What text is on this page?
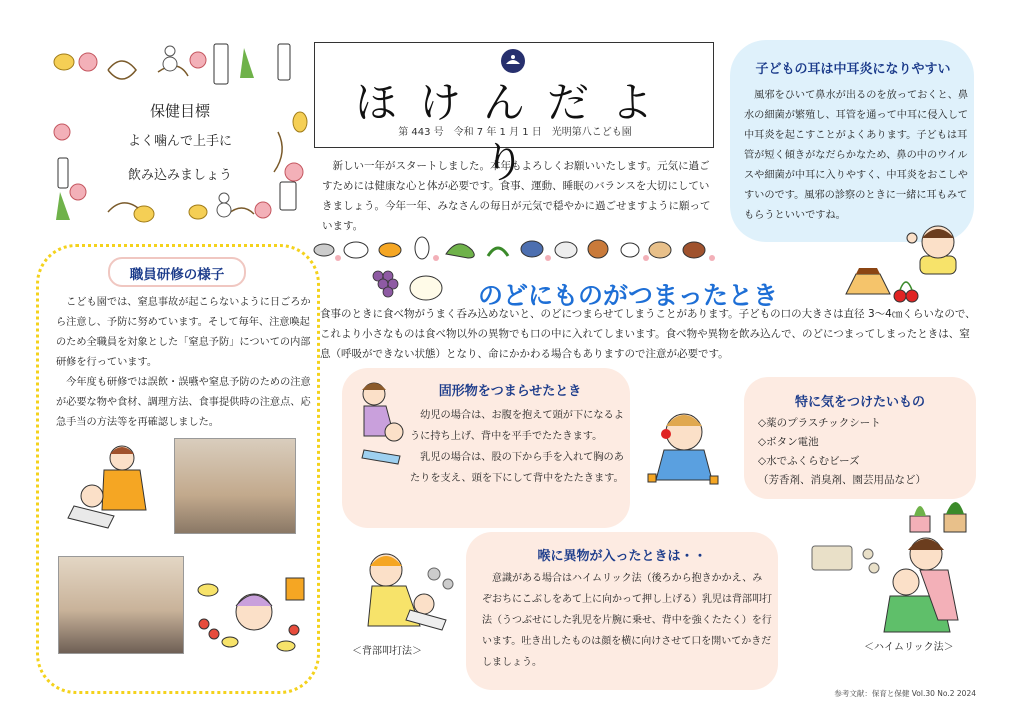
保健目標
よく噛んで上手に
飲み込みましょう
ほけんだより
第 443 号　令和 7 年 1 月 1 日　光明第八こども園
　新しい一年がスタートしました。本年もよろしくお願いいたします。元気に過ごすためには健康な心と体が必要です。食事、運動、睡眠のバランスを大切にしていきましょう。今年一年、みなさんの毎日が元気で穏やかに過ごせますように願っています。
子どもの耳は中耳炎になりやすい
　風邪をひいて鼻水が出るのを放っておくと、鼻水の細菌が繁殖し、耳管を通って中耳に侵入して中耳炎を起こすことがよくあります。子どもは耳管が短く傾きがなだらかなため、鼻の中のウイルスや細菌が中耳に入りやすく、中耳炎をおこしやすいのです。風邪の診察のときに一緒に耳もみてもらうといいですね。
職員研修の様子

　こども園では、窒息事故が起こらないように日ごろから注意し、予防に努めています。そして毎年、注意喚起のため全職員を対象とした「窒息予防」についての内部研修を行っています。

　今年度も研修では誤飲・誤嚥や窒息予防のための注意が必要な物や食材、調理方法、食事提供時の注意点、応急手当の方法等を再確認しました。

のどにものがつまったとき
食事のときに食べ物がうまく呑み込めないと、のどにつまらせてしまうことがあります。子どもの口の大きさは直径 3～4㎝くらいなので、これより小さなものは食べ物以外の異物でも口の中に入れてしまいます。食べ物や異物を飲み込んで、のどにつまってしまったときは、窒息（呼吸ができない状態）となり、命にかかわる場合もありますので注意が必要です。
固形物をつまらせたとき

　幼児の場合は、お腹を抱えて頭が下になるように持ち上げ、背中を平手でたたきます。

　乳児の場合は、股の下から手を入れて胸のあたりを支え、頭を下にして背中をたたきます。

特に気をつけたいもの
◇薬のプラスチックシート
◇ボタン電池
◇水でふくらむビーズ
（芳香剤、消臭剤、園芸用品など）
喉に異物が入ったときは・・
　意識がある場合はハイムリック法（後ろから抱きかかえ、みぞおちにこぶしをあて上に向かって押し上げる）乳児は背部叩打法（うつぶせにした乳児を片腕に乗せ、背中を強くたたく）を行います。吐き出したものは顔を横に向けさせて口を開いてかきだしましょう。
＜背部叩打法＞	＜ハイムリック法＞
参考文献：保育と保健 Vol.30 No.2 2024
